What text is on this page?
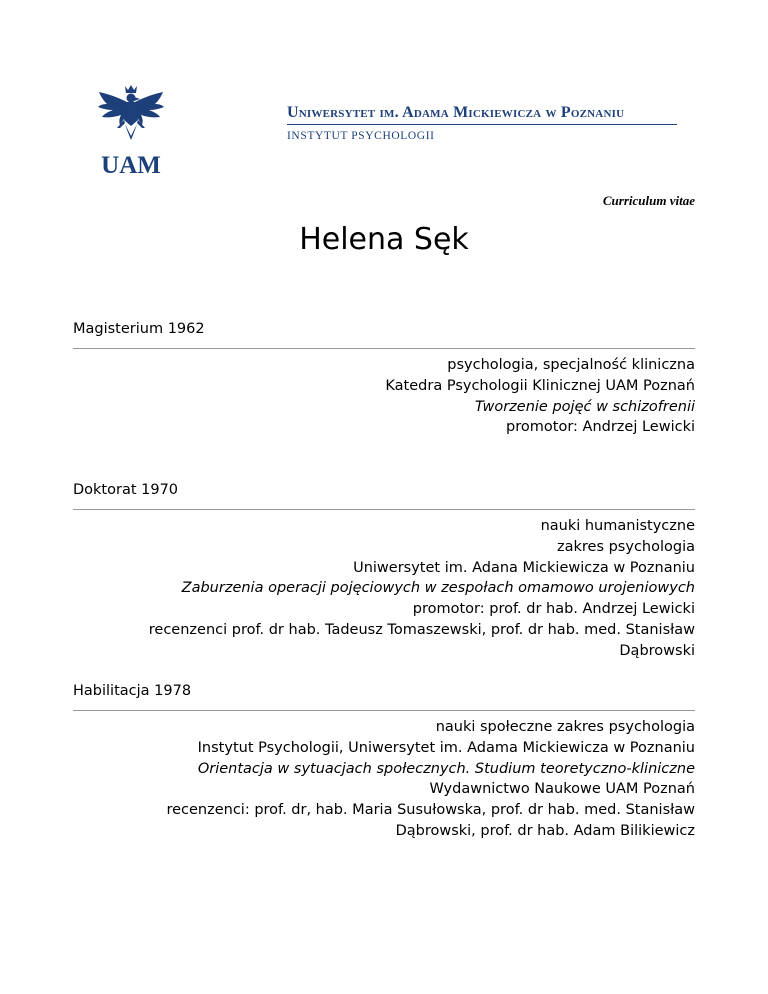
UAM
Uniwersytet im. Adama Mickiewicza w Poznaniu
INSTYTUT PSYCHOLOGII
Curriculum vitae
Helena Sęk
Magisterium 1962
psychologia, specjalność kliniczna
Katedra Psychologii Klinicznej UAM Poznań
Tworzenie pojęć w schizofrenii
promotor: Andrzej Lewicki
Doktorat 1970
nauki humanistyczne
zakres psychologia
Uniwersytet im. Adana Mickiewicza w Poznaniu
Zaburzenia operacji pojęciowych w zespołach omamowo urojeniowych
promotor: prof. dr hab. Andrzej Lewicki
recenzenci prof. dr hab. Tadeusz Tomaszewski, prof. dr hab. med. Stanisław
Dąbrowski
Habilitacja 1978
nauki społeczne zakres psychologia
Instytut Psychologii, Uniwersytet im. Adama Mickiewicza w Poznaniu
Orientacja w sytuacjach społecznych. Studium teoretyczno-kliniczne
Wydawnictwo Naukowe UAM Poznań
recenzenci: prof. dr, hab. Maria Susułowska, prof. dr hab. med. Stanisław
Dąbrowski, prof. dr hab. Adam Bilikiewicz
